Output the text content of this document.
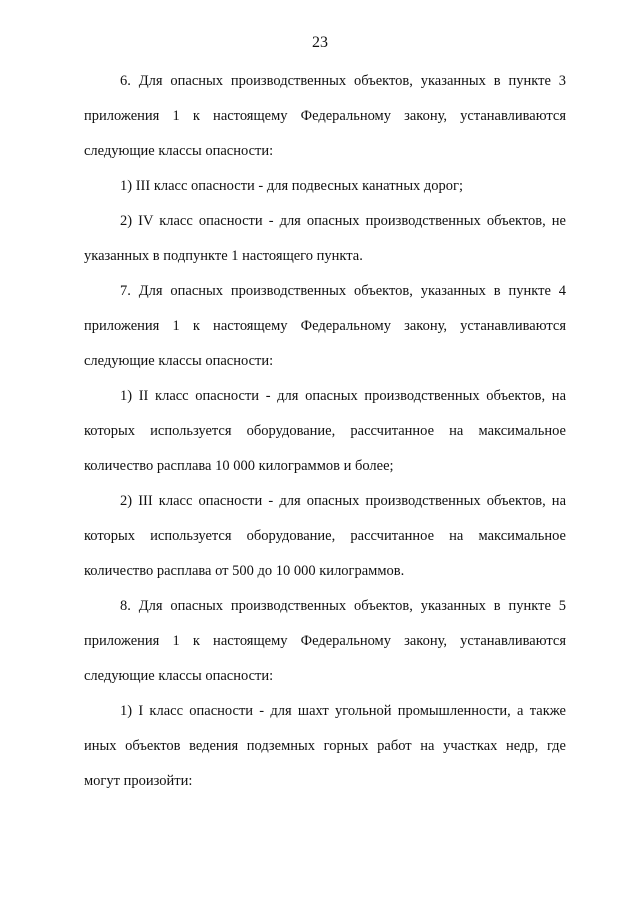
23
6. Для опасных производственных объектов, указанных в пункте 3
приложения 1 к настоящему Федеральному закону, устанавливаются
следующие классы опасности:
1) III класс опасности - для подвесных канатных дорог;
2) IV класс опасности - для опасных производственных объектов, не
указанных в подпункте 1 настоящего пункта.
7. Для опасных производственных объектов, указанных в пункте 4
приложения 1 к настоящему Федеральному закону, устанавливаются
следующие классы опасности:
1) II класс опасности - для опасных производственных объектов, на
которых используется оборудование, рассчитанное на максимальное
количество расплава 10 000 килограммов и более;
2) III класс опасности - для опасных производственных объектов, на
которых используется оборудование, рассчитанное на максимальное
количество расплава от 500 до 10 000 килограммов.
8. Для опасных производственных объектов, указанных в пункте 5
приложения 1 к настоящему Федеральному закону, устанавливаются
следующие классы опасности:
1) I класс опасности - для шахт угольной промышленности, а также
иных объектов ведения подземных горных работ на участках недр, где
могут произойти:
